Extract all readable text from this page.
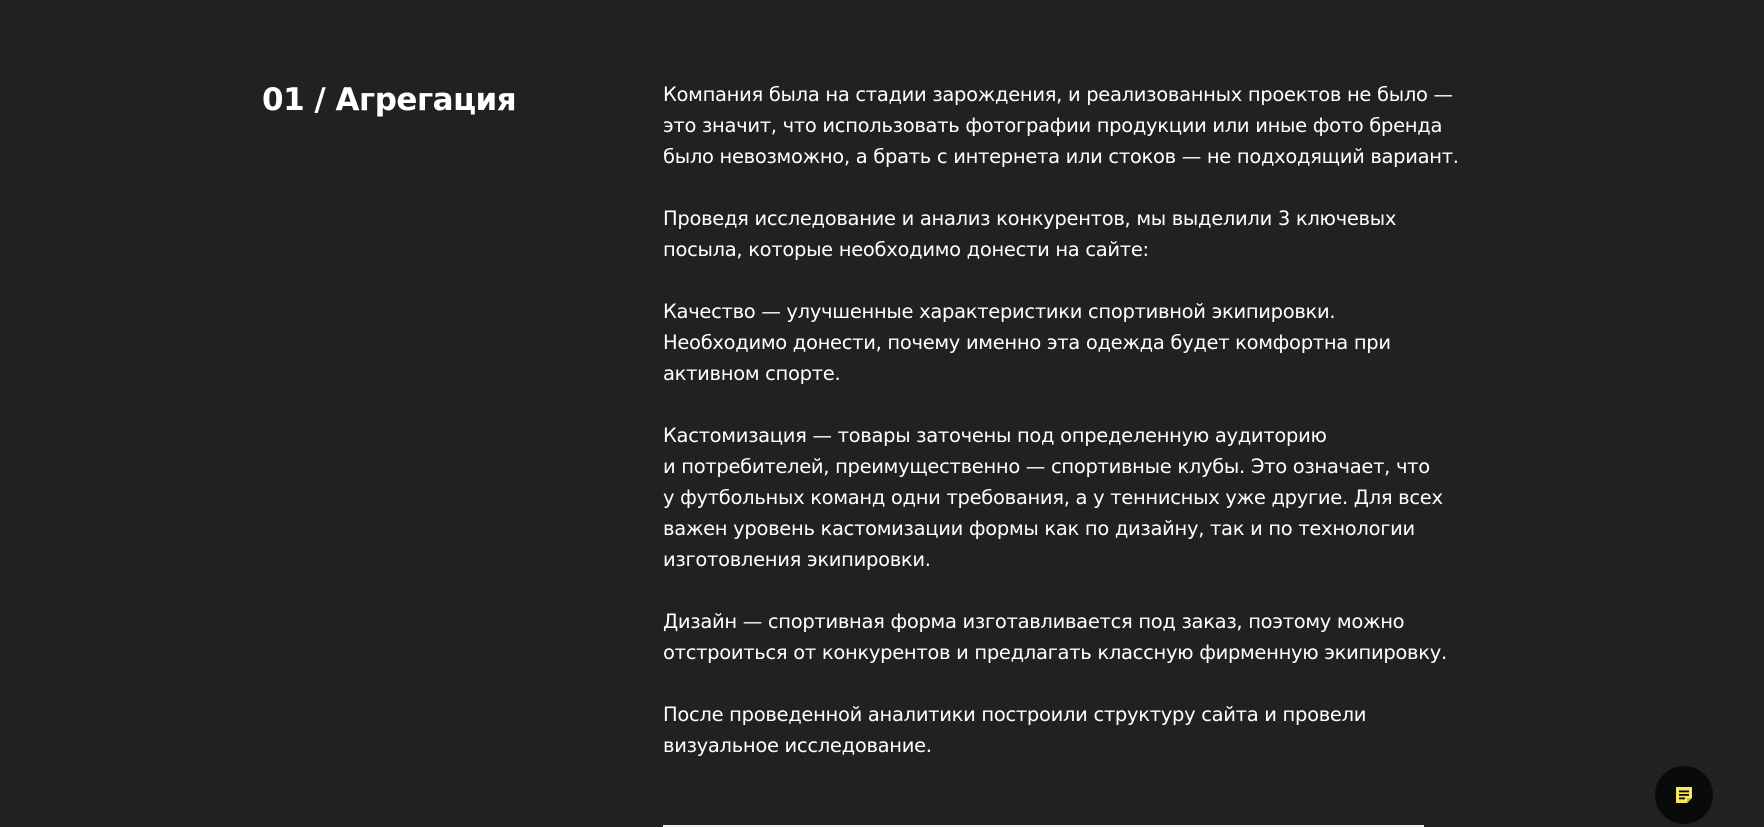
01 / Агрегация	Компания была на стадии зарождения, и реализованных проектов не было —
это значит, что использовать фотографии продукции или иные фото бренда
было невозможно, а брать с интернета или стоков — не подходящий вариант.

Проведя исследование и анализ конкурентов, мы выделили 3 ключевых
посыла, которые необходимо донести на сайте:

Качество — улучшенные характеристики спортивной экипировки.
Необходимо донести, почему именно эта одежда будет комфортна при
активном спорте.

Кастомизация — товары заточены под определенную аудиторию
и потребителей, преимущественно — спортивные клубы. Это означает, что
у футбольных команд одни требования, а у теннисных уже другие. Для всех
важен уровень кастомизации формы как по дизайну, так и по технологии
изготовления экипировки.

Дизайн — спортивная форма изготавливается под заказ, поэтому можно
отстроиться от конкурентов и предлагать классную фирменную экипировку.

После проведенной аналитики построили структуру сайта и провели
визуальное исследование.
